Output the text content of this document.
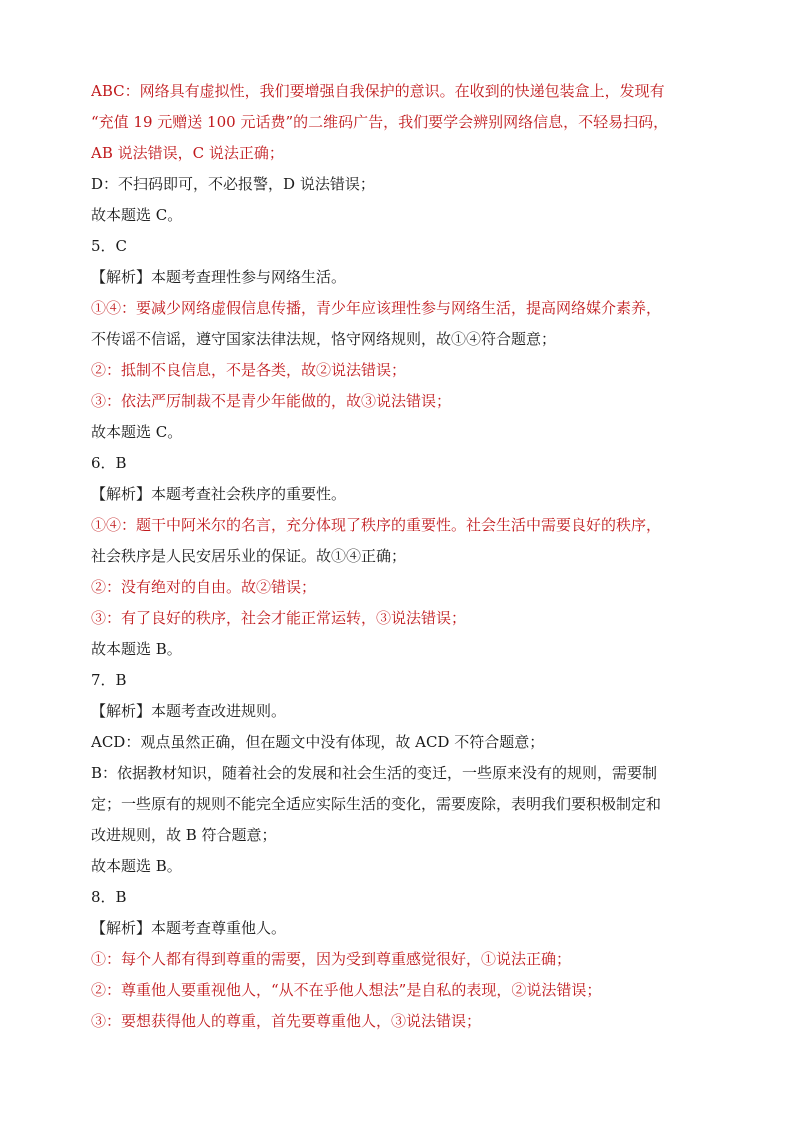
ABC：网络具有虚拟性，我们要增强自我保护的意识。在收到的快递包装盒上，发现有
“充值 19 元赠送 100 元话费”的二维码广告，我们要学会辨别网络信息，不轻易扫码，
AB 说法错误，C 说法正确；
D：不扫码即可，不必报警，D 说法错误；
故本题选 C。
5．C
【解析】本题考查理性参与网络生活。
①④：要减少网络虚假信息传播，青少年应该理性参与网络生活，提高网络媒介素养，
不传谣不信谣，遵守国家法律法规，恪守网络规则，故①④符合题意；
②：抵制不良信息，不是各类，故②说法错误；
③：依法严厉制裁不是青少年能做的，故③说法错误；
故本题选 C。
6．B
【解析】本题考查社会秩序的重要性。
①④：题干中阿米尔的名言，充分体现了秩序的重要性。社会生活中需要良好的秩序，
社会秩序是人民安居乐业的保证。故①④正确；
②：没有绝对的自由。故②错误；
③：有了良好的秩序，社会才能正常运转，③说法错误；
故本题选 B。
7．B
【解析】本题考查改进规则。
ACD：观点虽然正确，但在题文中没有体现，故 ACD 不符合题意；
B：依据教材知识，随着社会的发展和社会生活的变迁，一些原来没有的规则，需要制
定；一些原有的规则不能完全适应实际生活的变化，需要废除，表明我们要积极制定和
改进规则，故 B 符合题意；
故本题选 B。
8．B
【解析】本题考查尊重他人。
①：每个人都有得到尊重的需要，因为受到尊重感觉很好，①说法正确；
②：尊重他人要重视他人，“从不在乎他人想法”是自私的表现，②说法错误；
③：要想获得他人的尊重，首先要尊重他人，③说法错误；
